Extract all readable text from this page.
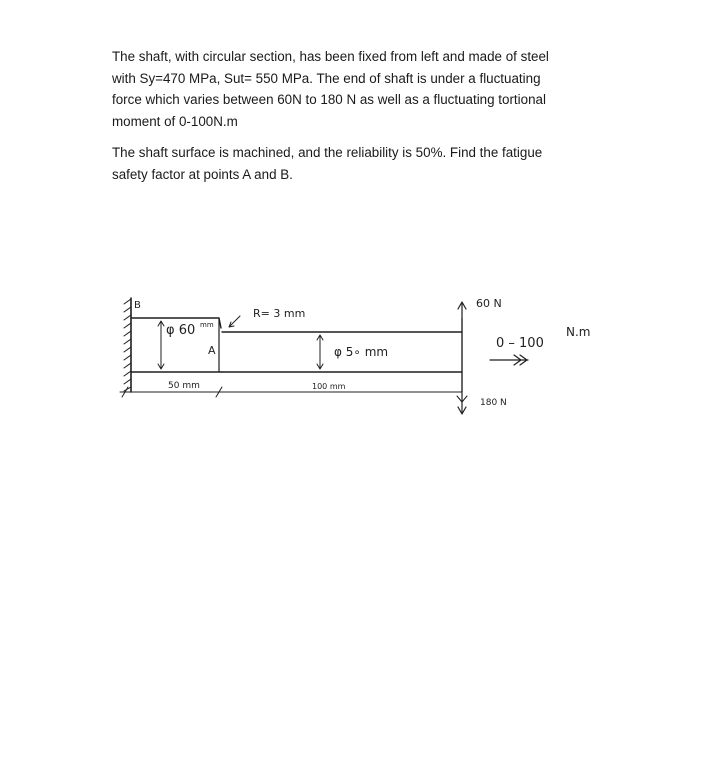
The shaft, with circular section, has been fixed from left and made of steel
with Sy=470 MPa, Sut= 550 MPa. The end of shaft is under a fluctuating
force which varies between 60N to 180 N as well as a fluctuating tortional
moment of 0-100N.m
The shaft surface is machined, and the reliability is 50%. Find the fatigue
safety factor at points A and B.
B
A
R= 3 mm
φ 60 mm
φ 5∘ mm
50 mm	100 mm
60 N
180 N
0 – 100
N.m
